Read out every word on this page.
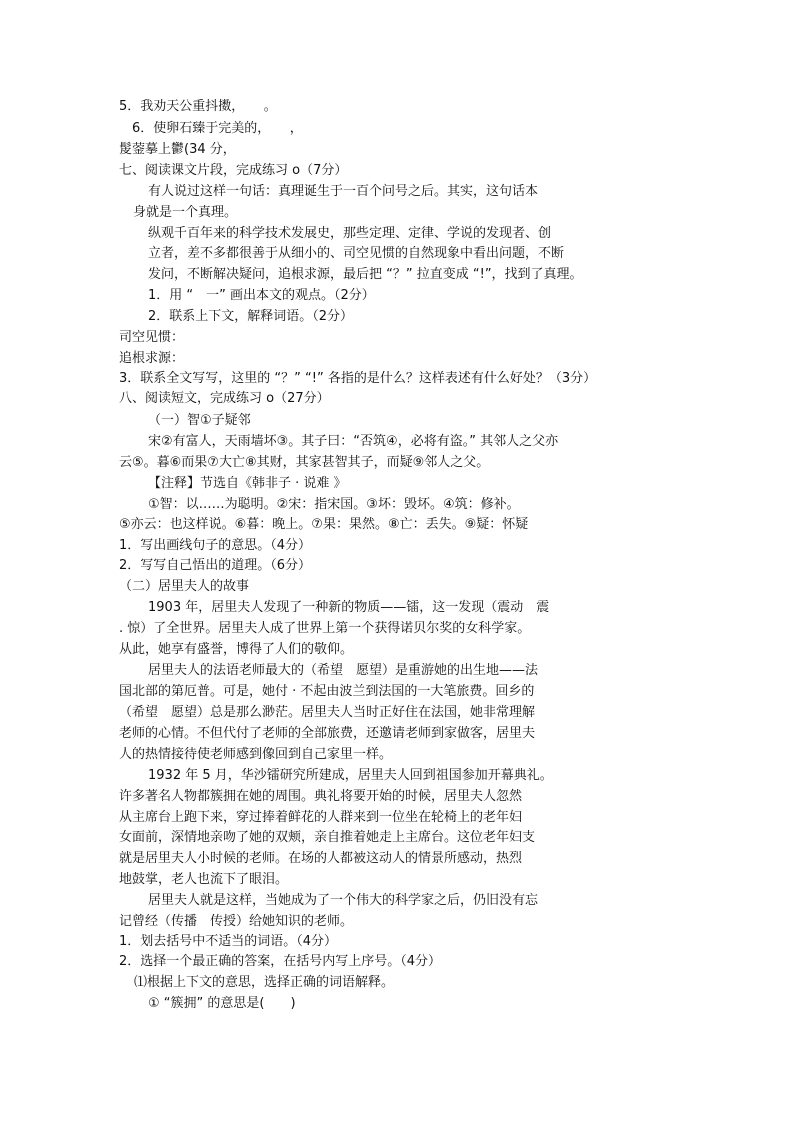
5．我劝天公重抖擞，　　。
6．使卵石臻于完美的，　　，
髲蓥摹上鬱(34 分，
七、阅读课文片段，完成练习 o（7分）
有人说过这样一句话：真理诞生于一百个问号之后。其实，这句话本
身就是一个真理。
纵观千百年来的科学技术发展史，那些定理、定律、学说的发现者、创
立者，差不多都很善于从细小的、司空见惯的自然现象中看出问题，不断
发问，不断解决疑问，追根求源，最后把 “？” 拉直变成 “!”，找到了真理。
1．用 “　一” 画出本文的观点。（2分）
2．联系上下文，解释词语。（2分）
司空见惯：
追根求源：
3．联系全文写写，这里的 “？” “!” 各指的是什么？这样表述有什么好处？（3分）
八、阅读短文，完成练习 o（27分）
（一）智①子疑邻
宋②有富人，天雨墙坏③。其子曰：“否筑④，必将有盗。” 其邻人之父亦
云⑤。暮⑥而果⑦大亡⑧其财，其家甚智其子，而疑⑨邻人之父。
【注释】节选自《韩非子 · 说难 》
①智：以……为聪明。②宋：指宋国。③坏：毁坏。④筑：修补。
⑤亦云：也这样说。⑥暮：晚上。⑦果：果然。⑧亡：丢失。⑨疑：怀疑
1．写出画线句子的意思。（4分）
2．写写自己悟出的道理。（6分）
（二）居里夫人的故事
1903 年，居里夫人发现了一种新的物质——镭，这一发现（震动　震
. 惊）了全世界。居里夫人成了世界上第一个获得诺贝尔奖的女科学家。
从此，她享有盛誉，博得了人们的敬仰。
居里夫人的法语老师最大的（希望　愿望）是重游她的出生地——法
国北部的第厄普。可是，她付 · 不起由波兰到法国的一大笔旅费。回乡的
（希望　愿望）总是那么渺茫。居里夫人当时正好住在法国，她非常理解
老师的心情。不但代付了老师的全部旅费，还邀请老师到家做客，居里夫
人的热情接待使老师感到像回到自己家里一样。
1932 年 5 月，华沙镭研究所建成，居里夫人回到祖国参加开幕典礼。
许多著名人物都簇拥在她的周围。典礼将要开始的时候，居里夫人忽然
从主席台上跑下来，穿过捧着鲜花的人群来到一位坐在轮椅上的老年妇
女面前，深情地亲吻了她的双颊，亲自推着她走上主席台。这位老年妇支
就是居里夫人小时候的老师。在场的人都被这动人的情景所感动，热烈
地鼓掌，老人也流下了眼泪。
居里夫人就是这样，当她成为了一个伟大的科学家之后，仍旧没有忘
记曾经（传播　传授）给她知识的老师。
1．划去括号中不适当的词语。（4分）
2．选择一个最正确的答案，在括号内写上序号。（4分）
⑴根据上下文的意思，选择正确的词语解释。
① “簇拥” 的意思是(　　)
